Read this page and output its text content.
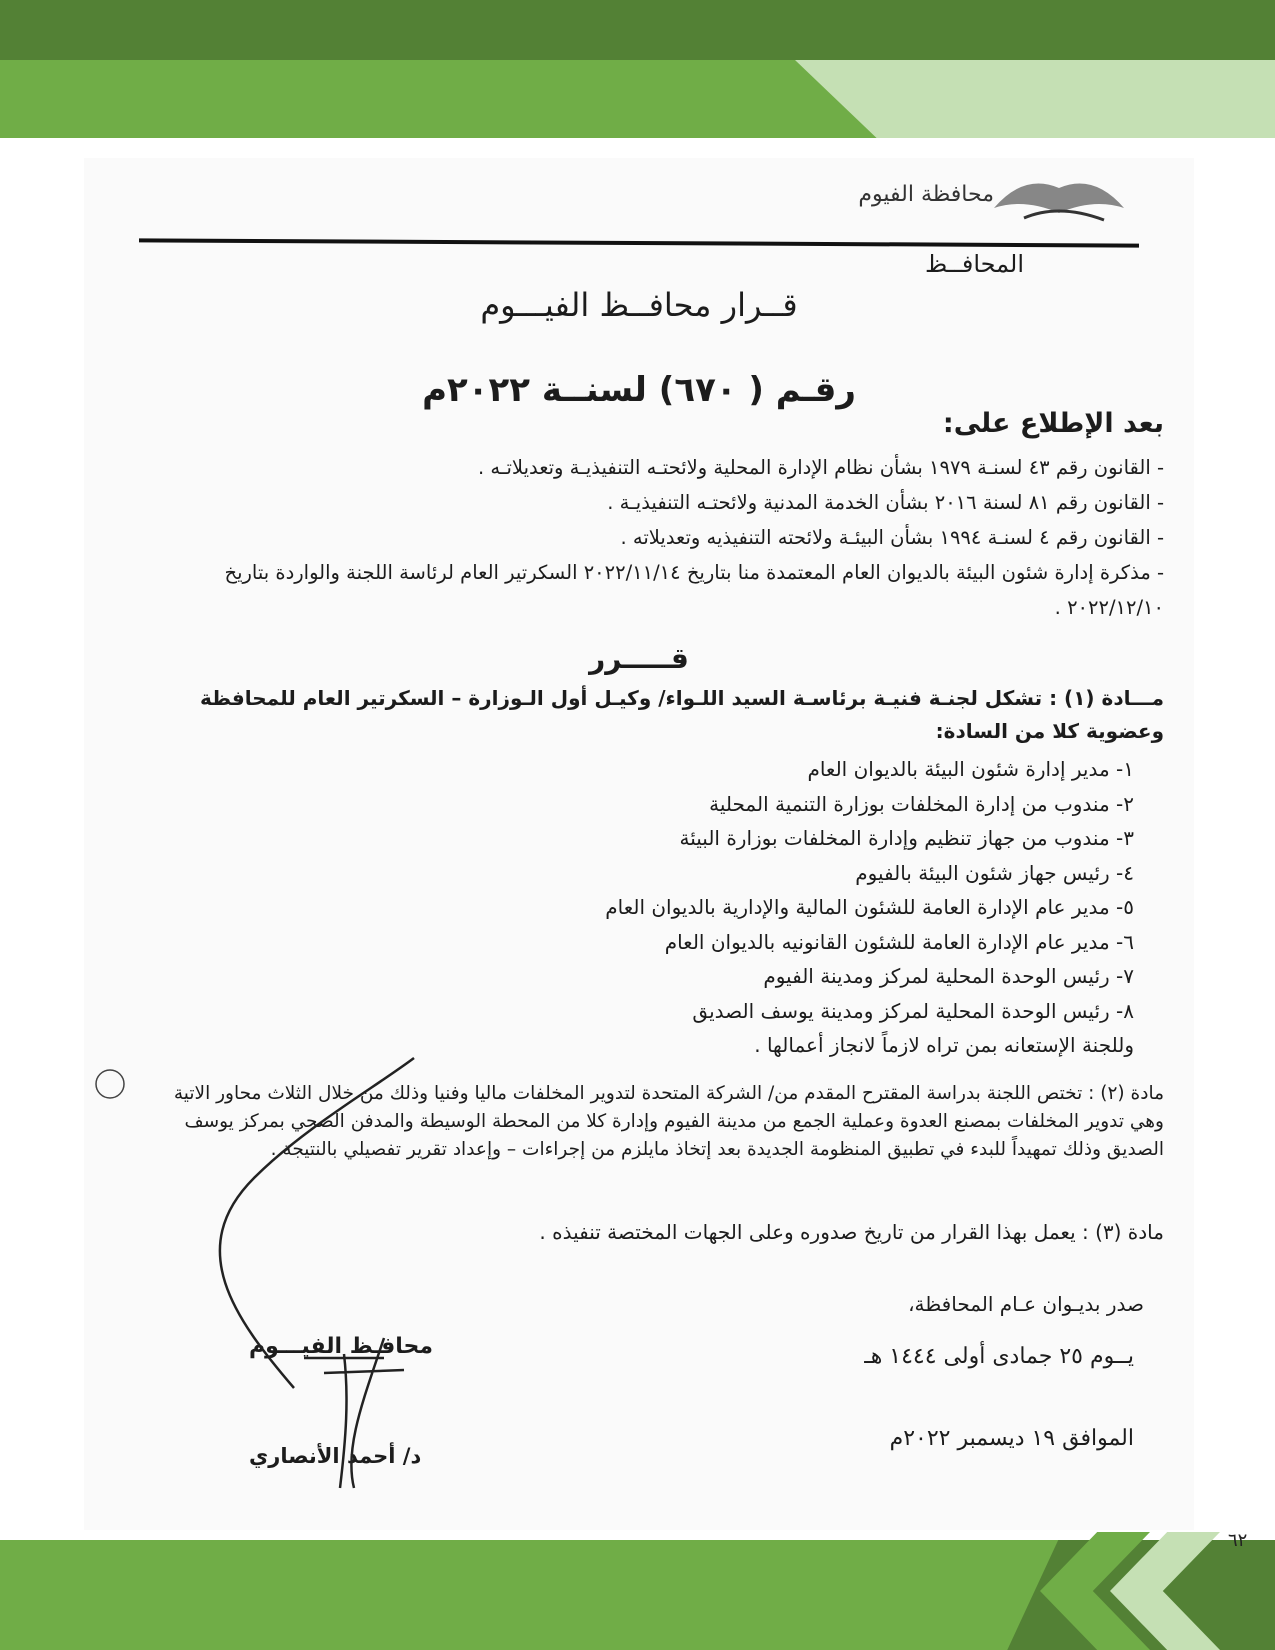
محافظة الفيوم
المحافــظ
قــرار محافــظ الفيـــوم
رقـم ( ٦٧٠) لسنــة ٢٠٢٢م
بعد الإطلاع على:
- القانون رقم ٤٣ لسنـة ١٩٧٩ بشأن نظام الإدارة المحلية ولائحتـه التنفيذيـة وتعديلاتـه .
- القانون رقم ٨١ لسنة ٢٠١٦ بشأن الخدمة المدنية ولائحتـه التنفيذيـة .
- القانون رقم ٤ لسنـة ١٩٩٤ بشأن البيئـة ولائحته التنفيذيه وتعديلاته .
- مذكرة إدارة شئون البيئة بالديوان العام المعتمدة منا بتاريخ ٢٠٢٢/١١/١٤ السكرتير العام لرئاسة اللجنة والواردة بتاريخ ٢٠٢٢/١٢/١٠ .
قـــــرر
مـــادة (١) : تشكل لجنـة فنيـة برئاسـة السيد اللـواء/ وكيـل أول الـوزارة – السكرتير العام للمحافظة وعضوية كلا من السادة:
١- مدير إدارة شئون البيئة بالديوان العام
٢- مندوب من إدارة المخلفات بوزارة التنمية المحلية
٣- مندوب من جهاز تنظيم وإدارة المخلفات بوزارة البيئة
٤- رئيس جهاز شئون البيئة بالفيوم
٥- مدير عام الإدارة العامة للشئون المالية والإدارية بالديوان العام
٦- مدير عام الإدارة العامة للشئون القانونيه بالديوان العام
٧- رئيس الوحدة المحلية لمركز ومدينة الفيوم
٨- رئيس الوحدة المحلية لمركز ومدينة يوسف الصديق
وللجنة الإستعانه بمن تراه لازماً لانجاز أعمالها .
مادة (٢) : تختص اللجنة بدراسة المقترح المقدم من/ الشركة المتحدة لتدوير المخلفات ماليا وفنيا وذلك من خلال الثلاث محاور الاتية وهي تدوير المخلفات بمصنع العدوة وعملية الجمع من مدينة الفيوم وإدارة كلا من المحطة الوسيطة والمدفن الصحي بمركز يوسف الصديق وذلك تمهيداً للبدء في تطبيق المنظومة الجديدة بعد إتخاذ مايلزم من إجراءات – وإعداد تقرير تفصيلي بالنتيجة .
مادة (٣) : يعمل بهذا القرار من تاريخ صدوره وعلى الجهات المختصة تنفيذه .
صدر بديـوان عـام المحافظة،
يــوم ٢٥ جمادى أولى ١٤٤٤ هـ
الموافق ١٩ ديسمبر ٢٠٢٢م
محافـظ الفيـــوم
د/ أحمد الأنصاري
٦٢
